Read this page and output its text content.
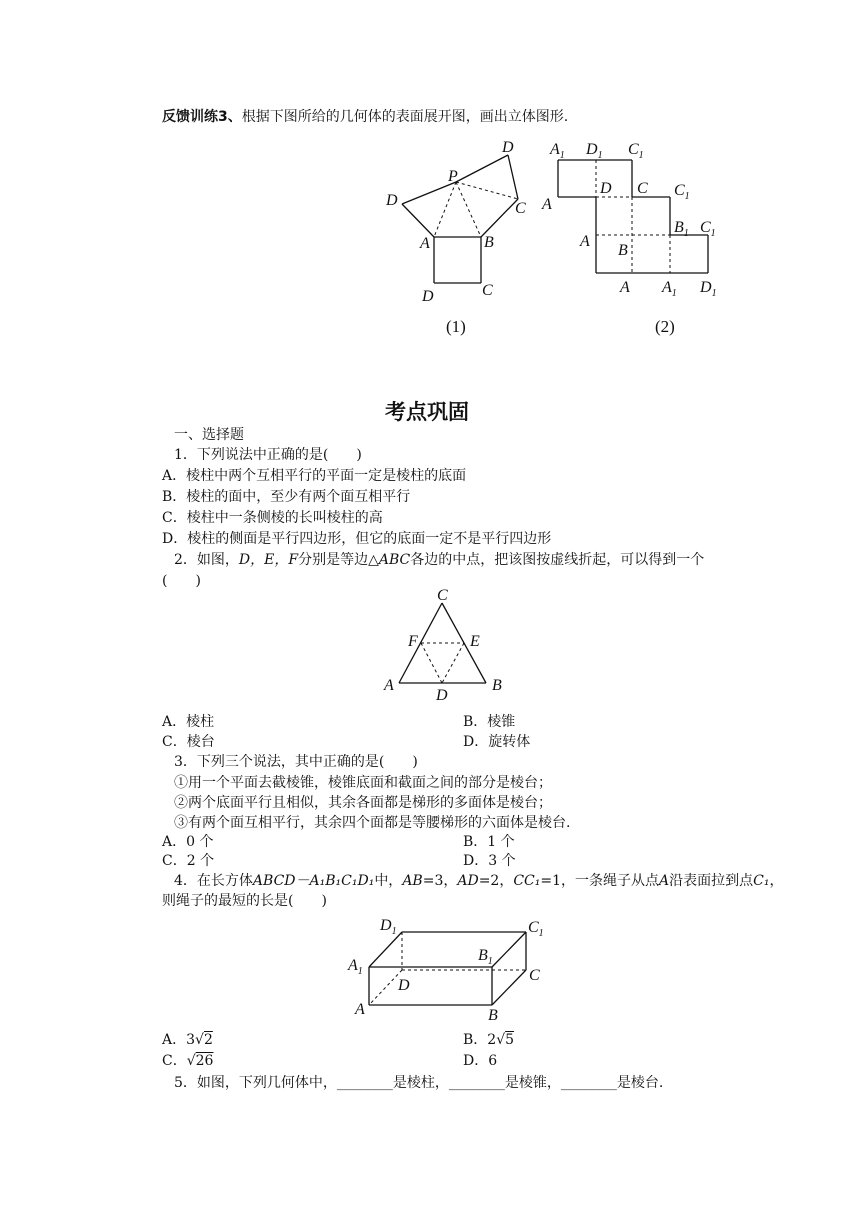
反馈训练3、根据下图所给的几何体的表面展开图，画出立体图形.
P
D
D	C
A	B
D	C
$A_1$ $D_1$ $C_1$
A
D C $C_1$
A
$B_1$ $C_1$
B
A $A_1$ $D_1$
(1)	(2)
考点巩固
一、选择题
1．下列说法中正确的是(　　)
A．棱柱中两个互相平行的平面一定是棱柱的底面
B．棱柱的面中，至少有两个面互相平行
C．棱柱中一条侧棱的长叫棱柱的高
D．棱柱的侧面是平行四边形，但它的底面一定不是平行四边形
2．如图，D，E，F分别是等边△ABC各边的中点，把该图按虚线折起，可以得到一个
(　　)
C
F	E
A
D
B
A．棱柱	B．棱锥
C．棱台	D．旋转体
3．下列三个说法，其中正确的是(　　)
①用一个平面去截棱锥，棱锥底面和截面之间的部分是棱台；
②两个底面平行且相似，其余各面都是梯形的多面体是棱台；
③有两个面互相平行，其余四个面都是等腰梯形的六面体是棱台.
A．0 个	B．1 个
C．2 个	D．3 个
4．在长方体ABCD－A₁B₁C₁D₁中，AB=3，AD=2，CC₁=1，一条绳子从点A沿表面拉到点C₁，
则绳子的最短的长是(　　)
$D_1$	$C_1$
$A_1$
$B_1$
C
D
A	B
A．3√2	B．2√5
C．√26	D．6
5．如图，下列几何体中，________是棱柱，________是棱锥，________是棱台.
